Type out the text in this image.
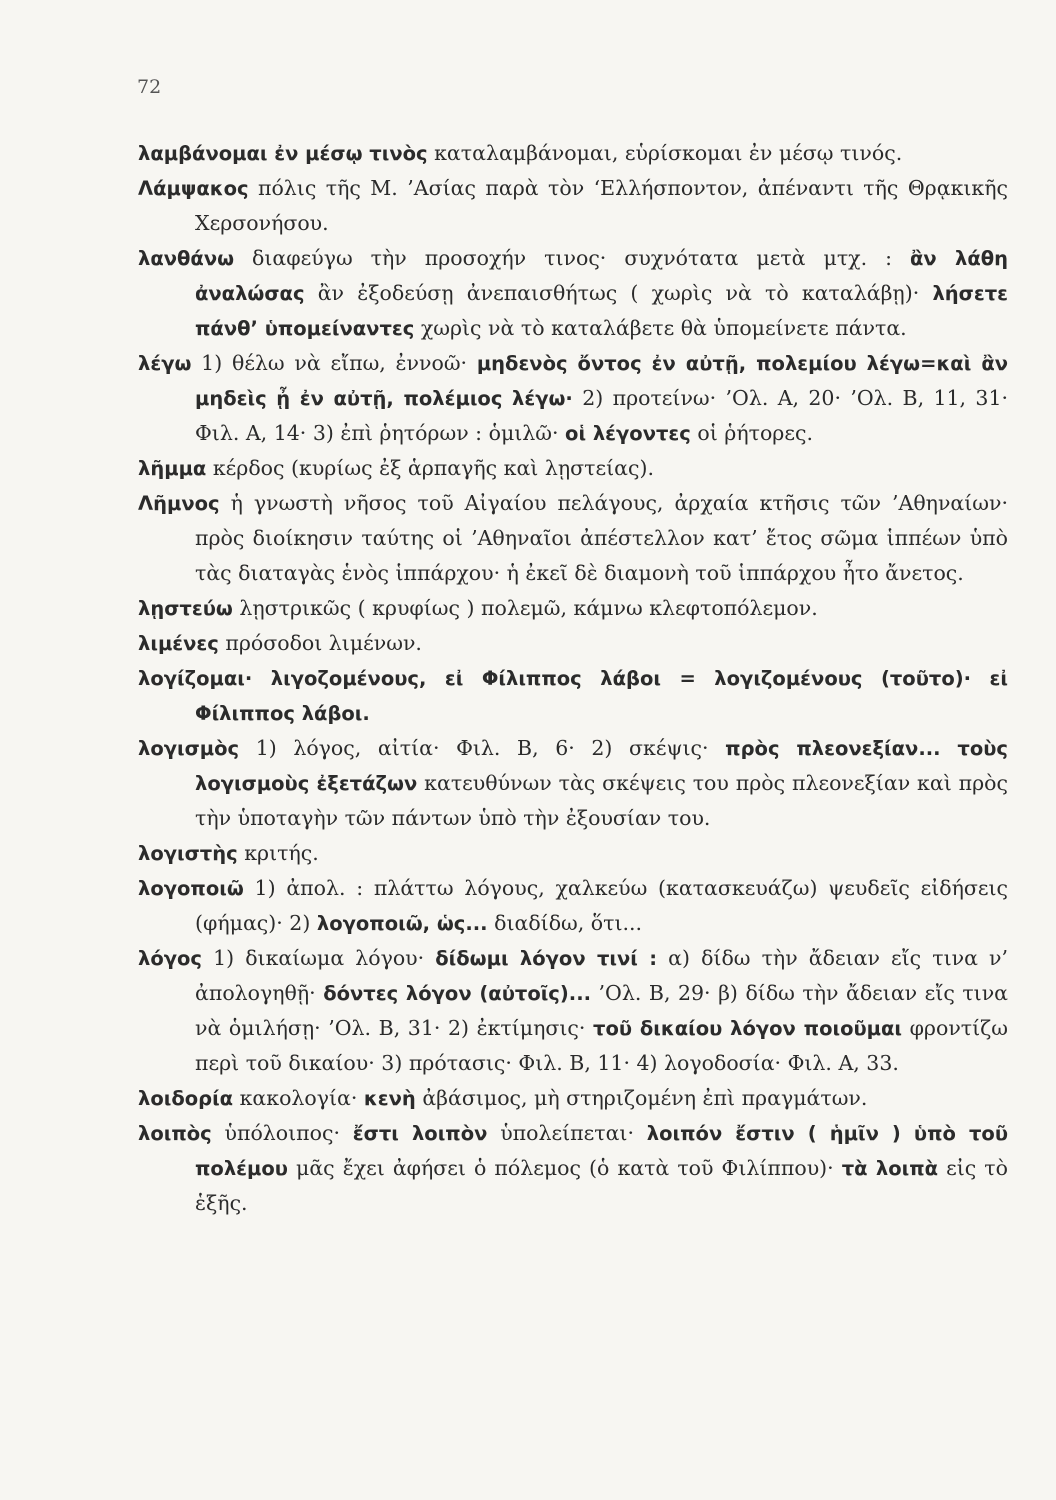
72

λαμβάνομαι ἐν μέσῳ τινὸς καταλαμβάνομαι, εὑρίσκομαι ἐν μέσῳ τινός.

Λάμψακος πόλις τῆς Μ. ’Ασίας παρὰ τὸν ‘Ελλήσποντον, ἀπέναντι τῆς Θρᾳκικῆς Χερσονήσου.

λανθάνω διαφεύγω τὴν προσοχήν τινος· συχνότατα μετὰ μτχ. : ἂν λάθη ἀναλώσας ἂν ἐξοδεύσῃ ἀνεπαισθήτως ( χωρὶς νὰ τὸ καταλάβῃ)· λήσετε πάνθ’ ὑπομείναντες χωρὶς νὰ τὸ καταλάβετε θὰ ὑπομείνετε πάντα.

λέγω 1) θέλω νὰ εἴπω, ἐννοῶ· μηδενὸς ὄντος ἐν αὐτῇ, πολεμίου λέγω=καὶ ἂν μηδεὶς ᾖ ἐν αὐτῇ, πολέμιος λέγω· 2) προτείνω· ’Ολ. Α, 20· ’Ολ. Β, 11, 31· Φιλ. Α, 14· 3) ἐπὶ ῥητόρων : ὁμιλῶ· οἱ λέγοντες οἱ ῥήτορες.

λῆμμα κέρδος (κυρίως ἐξ ἁρπαγῆς καὶ λῃστείας).

Λῆμνος ἡ γνωστὴ νῆσος τοῦ Αἰγαίου πελάγους, ἀρχαία κτῆσις τῶν ’Αθηναίων· πρὸς διοίκησιν ταύτης οἱ ’Αθηναῖοι ἀπέστελλον κατ’ ἔτος σῶμα ἱππέων ὑπὸ τὰς διαταγὰς ἑνὸς ἱππάρχου· ἡ ἐκεῖ δὲ διαμονὴ τοῦ ἱππάρχου ἦτο ἄνετος.

λῃστεύω λῃστρικῶς ( κρυφίως ) πολεμῶ, κάμνω κλεφτοπόλεμον.

λιμένες πρόσοδοι λιμένων.

λογίζομαι· λιγοζομένους, εἰ Φίλιππος λάβοι = λογιζομένους (τοῦτο)· εἰ Φίλιππος λάβοι.

λογισμὸς 1) λόγος, αἰτία· Φιλ. Β, 6· 2) σκέψις· πρὸς πλεονεξίαν... τοὺς λογισμοὺς ἐξετάζων κατευθύνων τὰς σκέψεις του πρὸς πλεονεξίαν καὶ πρὸς τὴν ὑποταγὴν τῶν πάντων ὑπὸ τὴν ἐξουσίαν του.

λογιστὴς κριτής.

λογοποιῶ 1) ἀπολ. : πλάττω λόγους, χαλκεύω (κατασκευάζω) ψευδεῖς εἰδήσεις (φήμας)· 2) λογοποιῶ, ὡς... διαδίδω, ὅτι...

λόγος 1) δικαίωμα λόγου· δίδωμι λόγον τινί : α) δίδω τὴν ἄδειαν εἴς τινα ν’ ἀπολογηθῇ· δόντες λόγον (αὐτοῖς)... ’Ολ. Β, 29· β) δίδω τὴν ἄδειαν εἴς τινα νὰ ὁμιλήσῃ· ’Ολ. Β, 31· 2) ἐκτίμησις· τοῦ δικαίου λόγον ποιοῦμαι φροντίζω περὶ τοῦ δικαίου· 3) πρότασις· Φιλ. Β, 11· 4) λογοδοσία· Φιλ. Α, 33.

λοιδορία κακολογία· κενὴ ἀβάσιμος, μὴ στηριζομένη ἐπὶ πραγμάτων.

λοιπὸς ὑπόλοιπος· ἔστι λοιπὸν ὑπολείπεται· λοιπόν ἔστιν ( ἡμῖν ) ὑπὸ τοῦ πολέμου μᾶς ἔχει ἀφήσει ὁ πόλεμος (ὁ κατὰ τοῦ Φιλίππου)· τὰ λοιπὰ εἰς τὸ ἑξῆς.
